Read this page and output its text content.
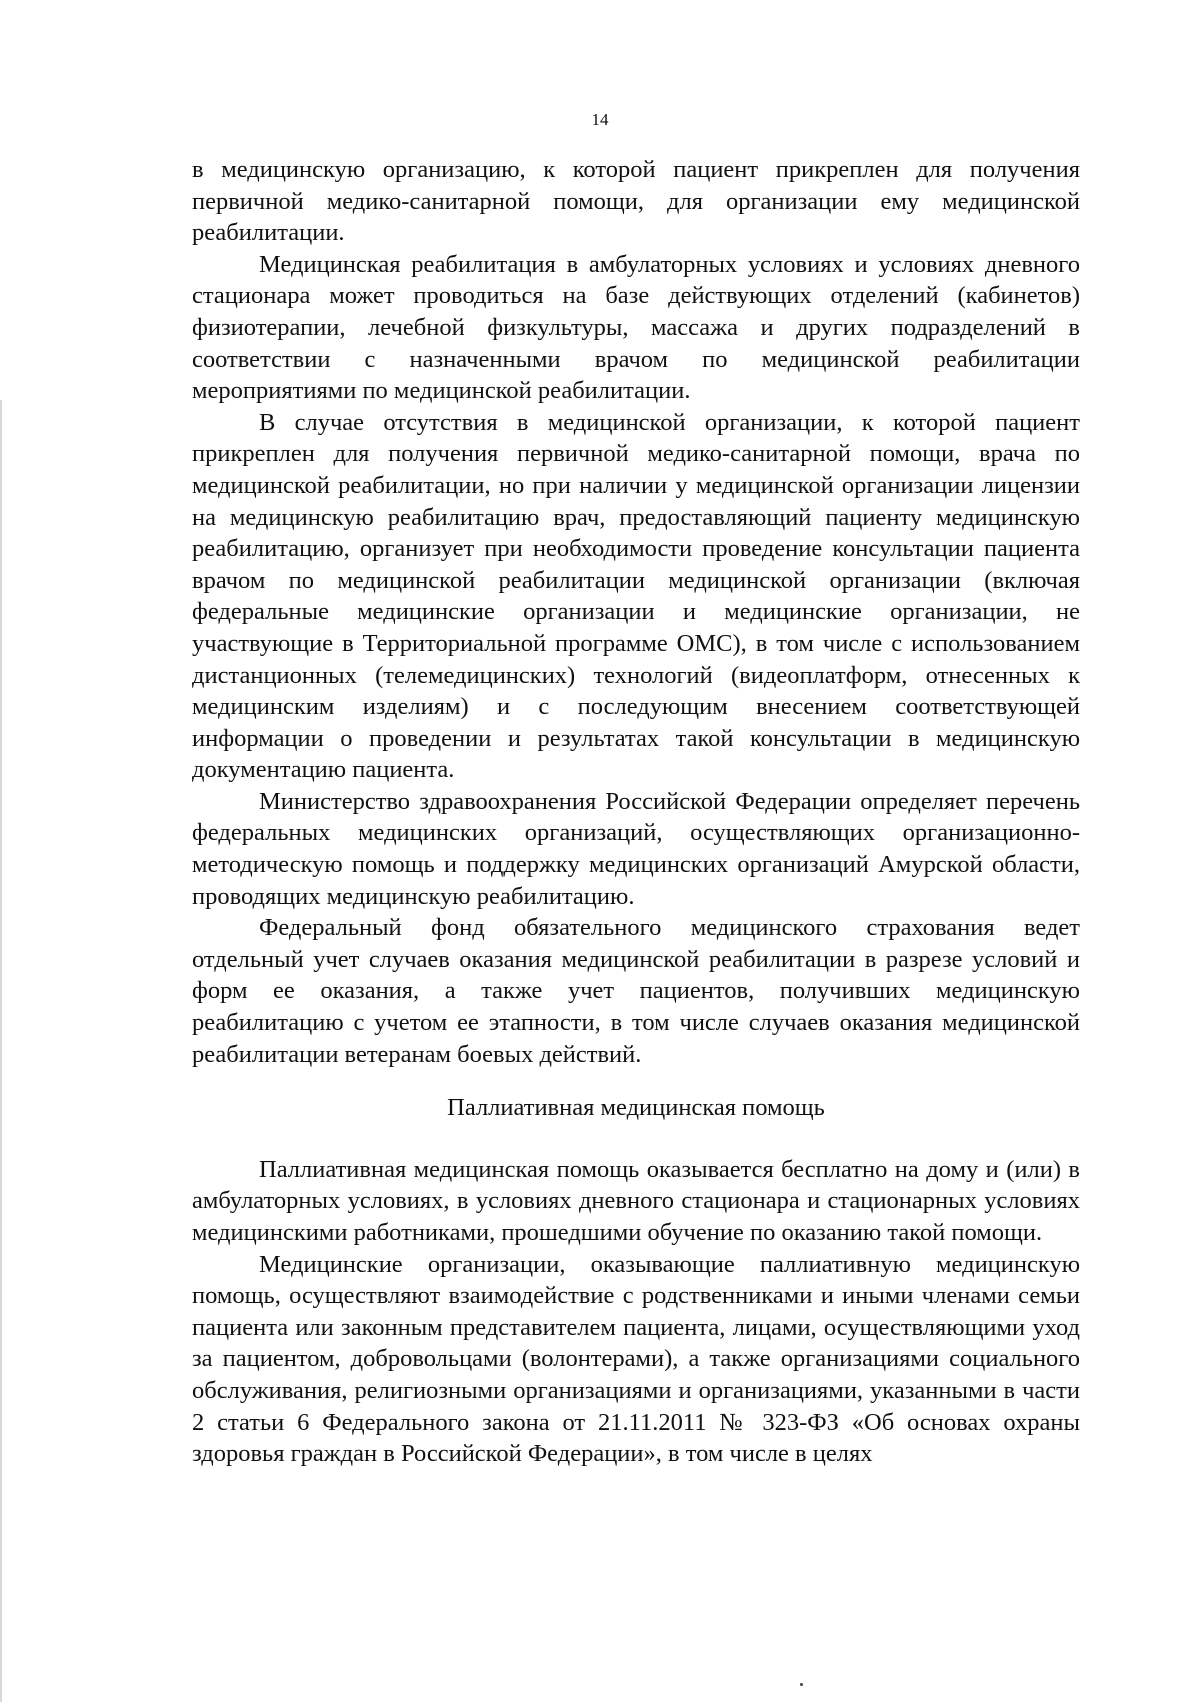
14

в медицинскую организацию, к которой пациент прикреплен для получения первичной медико-санитарной помощи, для организации ему медицинской реабилитации.

Медицинская реабилитация в амбулаторных условиях и условиях дневного стационара может проводиться на базе действующих отделений (кабинетов) физиотерапии, лечебной физкультуры, массажа и других подразделений в соответствии с назначенными врачом по медицинской реабилитации мероприятиями по медицинской реабилитации.

В случае отсутствия в медицинской организации, к которой пациент прикреплен для получения первичной медико-санитарной помощи, врача по медицинской реабилитации, но при наличии у медицинской организации лицензии на медицинскую реабилитацию врач, предоставляющий пациенту медицинскую реабилитацию, организует при необходимости проведение консультации пациента врачом по медицинской реабилитации медицинской организации (включая федеральные медицинские организации и медицинские организации, не участвующие в Территориальной программе ОМС), в том числе с использованием дистанционных (телемедицинских) технологий (видеоплатформ, отнесенных к медицинским изделиям) и с последующим внесением соответствующей информации о проведении и результатах такой консультации в медицинскую документацию пациента.

Министерство здравоохранения Российской Федерации определяет перечень федеральных медицинских организаций, осуществляющих организационно-методическую помощь и поддержку медицинских организаций Амурской области, проводящих медицинскую реабилитацию.

Федеральный фонд обязательного медицинского страхования ведет отдельный учет случаев оказания медицинской реабилитации в разрезе условий и форм ее оказания, а также учет пациентов, получивших медицинскую реабилитацию с учетом ее этапности, в том числе случаев оказания медицинской реабилитации ветеранам боевых действий.

Паллиативная медицинская помощь

Паллиативная медицинская помощь оказывается бесплатно на дому и (или) в амбулаторных условиях, в условиях дневного стационара и стационарных условиях медицинскими работниками, прошедшими обучение по оказанию такой помощи.

Медицинские организации, оказывающие паллиативную медицинскую помощь, осуществляют взаимодействие с родственниками и иными членами семьи пациента или законным представителем пациента, лицами, осуществляющими уход за пациентом, добровольцами (волонтерами), а также организациями социального обслуживания, религиозными организациями и организациями, указанными в части 2 статьи 6 Федерального закона от 21.11.2011 № 323-ФЗ «Об основах охраны здоровья граждан в Российской Федерации», в том числе в целях
